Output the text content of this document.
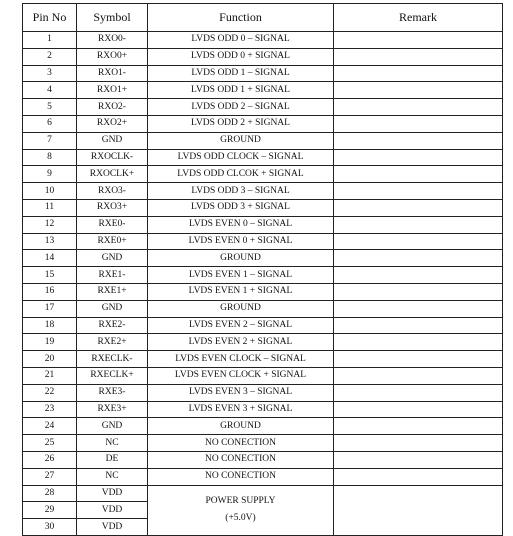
Pin No	Symbol	Function	Remark
1	RXO0-	LVDS ODD 0 – SIGNAL	
2	RXO0+	LVDS ODD 0 + SIGNAL	
3	RXO1-	LVDS ODD 1 – SIGNAL	
4	RXO1+	LVDS ODD 1 + SIGNAL	
5	RXO2-	LVDS ODD 2 – SIGNAL	
6	RXO2+	LVDS ODD 2 + SIGNAL	
7	GND	GROUND	
8	RXOCLK-	LVDS ODD CLOCK – SIGNAL	
9	RXOCLK+	LVDS ODD CLCOK + SIGNAL	
10	RXO3-	LVDS ODD 3 – SIGNAL	
11	RXO3+	LVDS ODD 3 + SIGNAL	
12	RXE0-	LVDS EVEN 0 – SIGNAL	
13	RXE0+	LVDS EVEN 0 + SIGNAL	
14	GND	GROUND	
15	RXE1-	LVDS EVEN 1 – SIGNAL	
16	RXE1+	LVDS EVEN 1 + SIGNAL	
17	GND	GROUND	
18	RXE2-	LVDS EVEN 2 – SIGNAL	
19	RXE2+	LVDS EVEN 2 + SIGNAL	
20	RXECLK-	LVDS EVEN CLOCK – SIGNAL	
21	RXECLK+	LVDS EVEN CLOCK + SIGNAL	
22	RXE3-	LVDS EVEN 3 – SIGNAL	
23	RXE3+	LVDS EVEN 3 + SIGNAL	
24	GND	GROUND	
25	NC	NO CONECTION	
26	DE	NO CONECTION	
27	NC	NO CONECTION	
28	VDD	POWER SUPPLY
(+5.0V)	

29	VDD		
30	VDD		
